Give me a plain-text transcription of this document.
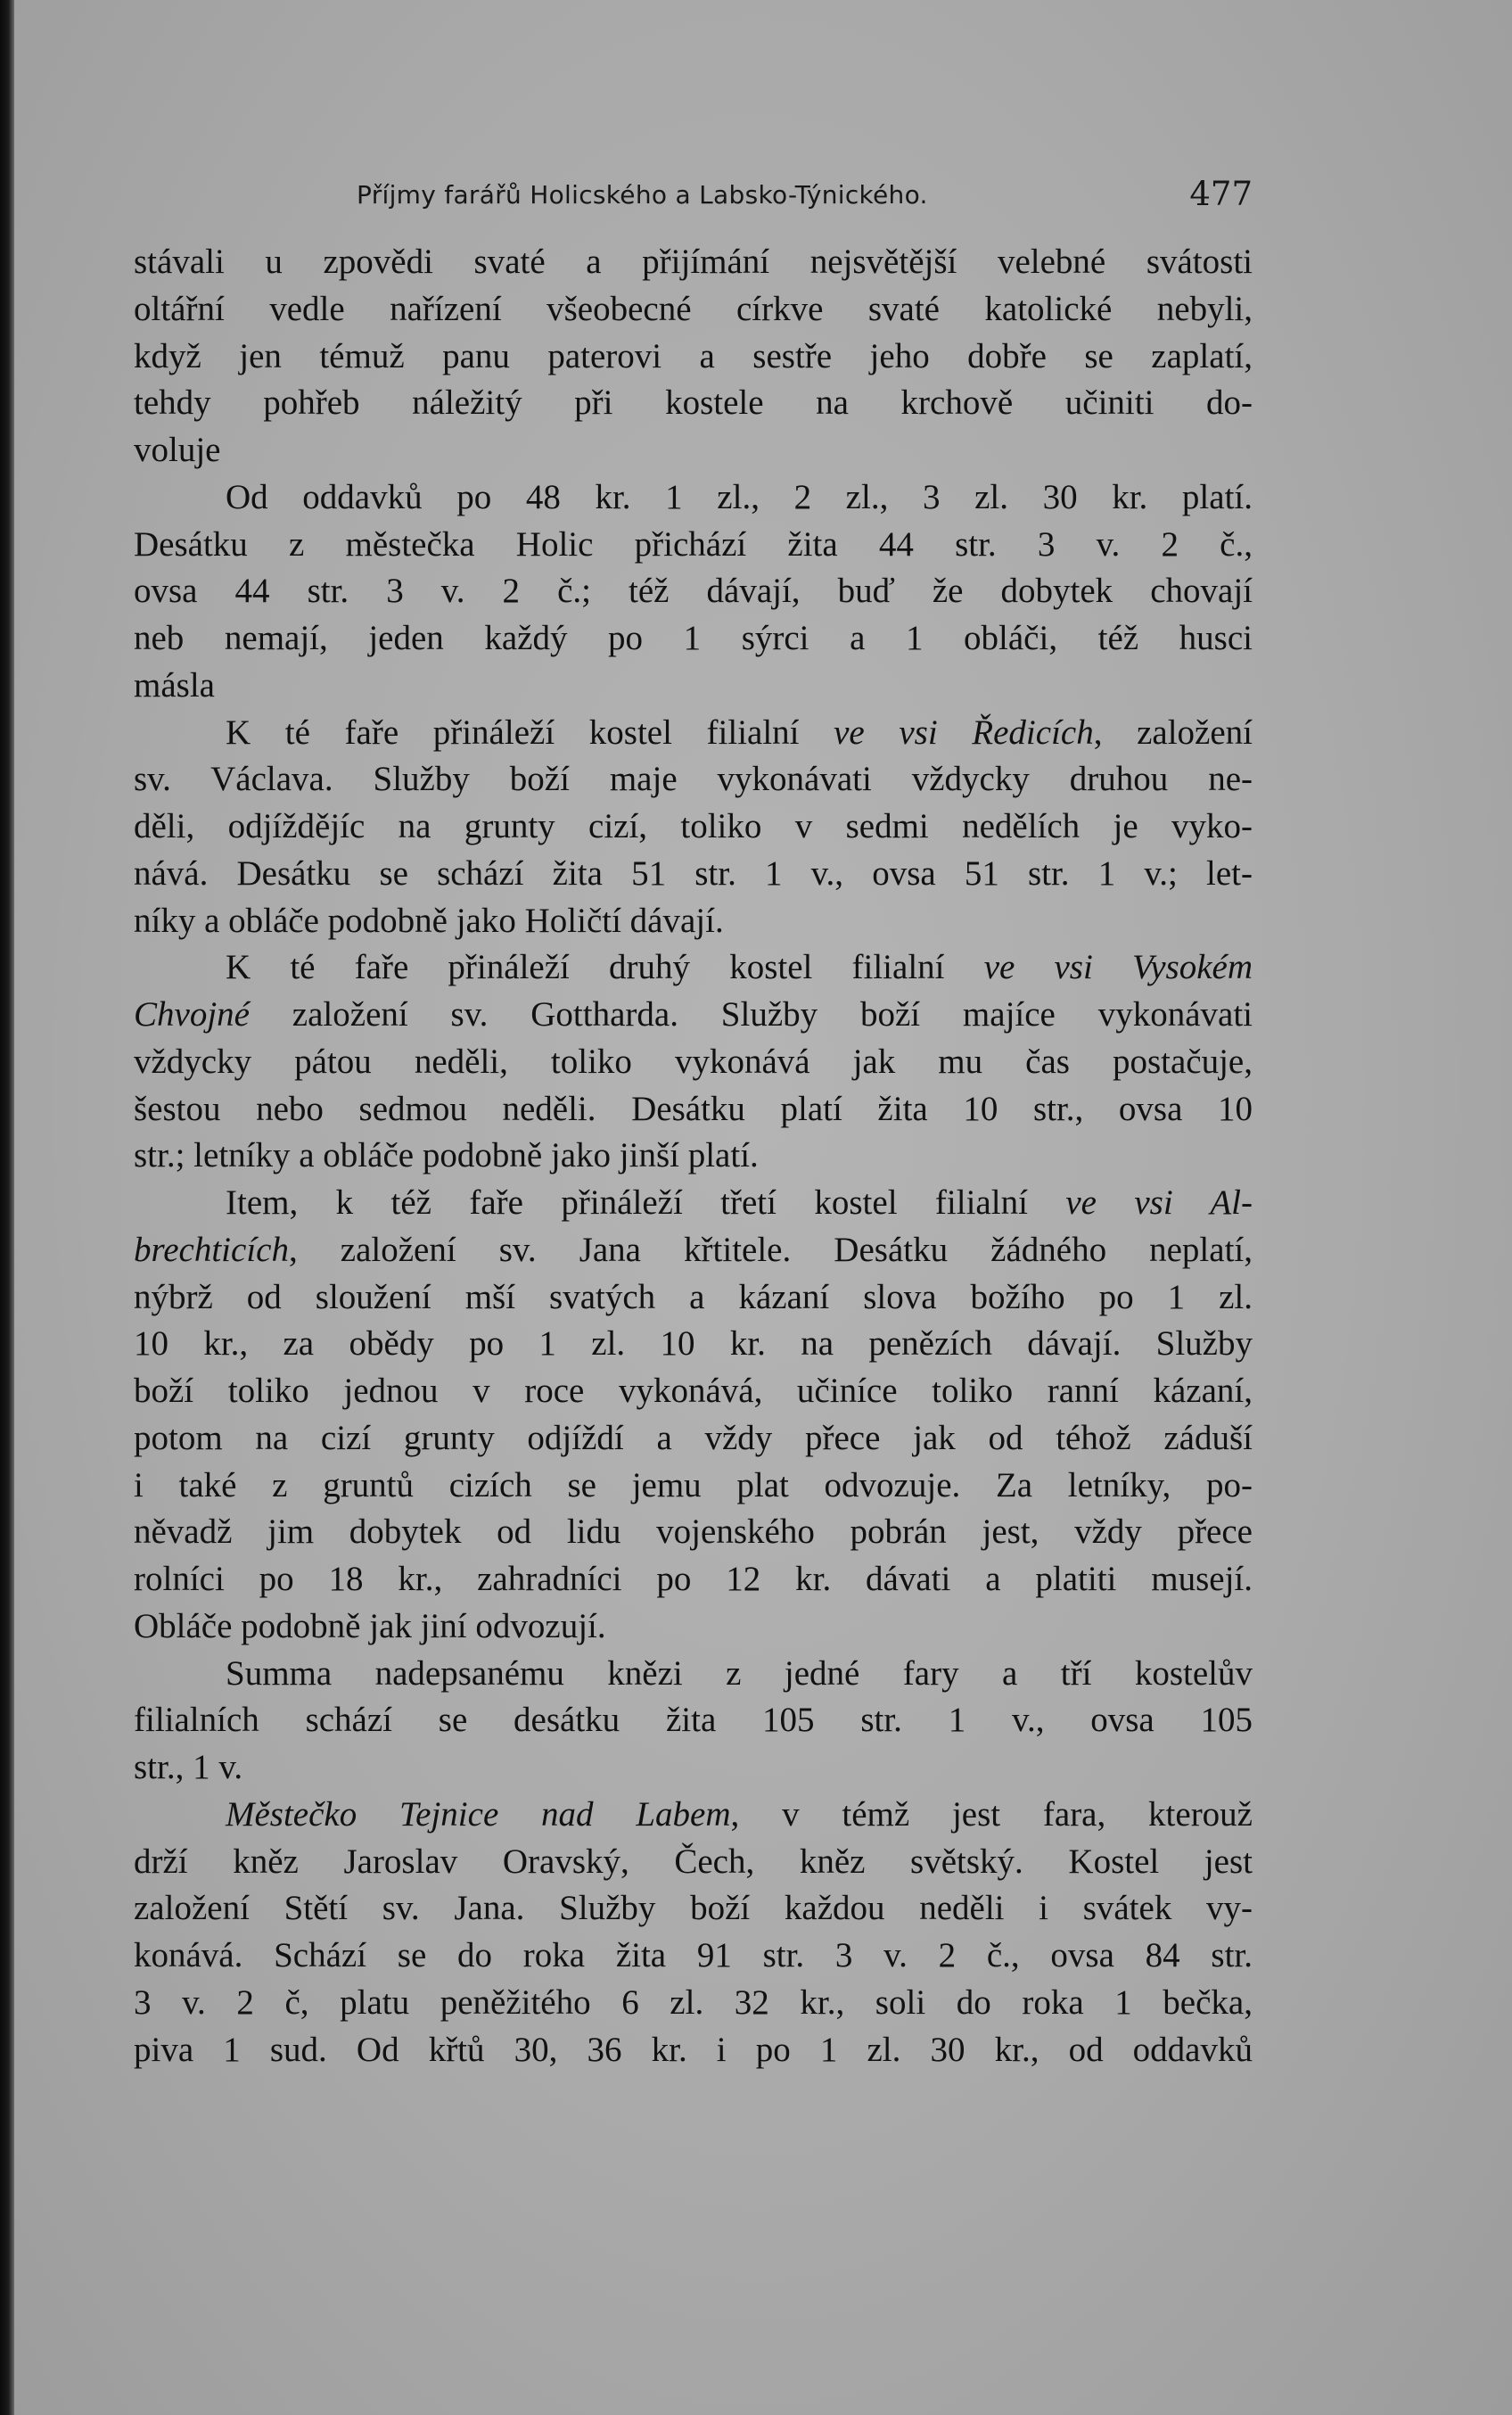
Příjmy farářů Holicského a Labsko-Týnického.	477
stávali u zpovědi svaté a přijímání nejsvětější velebné svátosti
oltářní vedle nařízení všeobecné církve svaté katolické nebyli,
když jen témuž panu paterovi a sestře jeho dobře se zaplatí,
tehdy pohřeb náležitý při kostele na krchově učiniti do-
voluje
Od oddavků po 48 kr. 1 zl., 2 zl., 3 zl. 30 kr. platí.
Desátku z městečka Holic přichází žita 44 str. 3 v. 2 č.,
ovsa 44 str. 3 v. 2 č.; též dávají, buď že dobytek chovají
neb nemají, jeden každý po 1 sýrci a 1 obláči, též husci
másla
K té faře přináleží kostel filialní ve vsi Ředicích, založení
sv. Václava. Služby boží maje vykonávati vždycky druhou ne-
děli, odjíždějíc na grunty cizí, toliko v sedmi nedělích je vyko-
nává. Desátku se schází žita 51 str. 1 v., ovsa 51 str. 1 v.; let-
níky a obláče podobně jako Holičtí dávají.
K té faře přináleží druhý kostel filialní ve vsi Vysokém
Chvojné založení sv. Gottharda. Služby boží majíce vykonávati
vždycky pátou neděli, toliko vykonává jak mu čas postačuje,
šestou nebo sedmou neděli. Desátku platí žita 10 str., ovsa 10
str.; letníky a obláče podobně jako jinší platí.
Item, k též faře přináleží třetí kostel filialní ve vsi Al-
brechticích, založení sv. Jana křtitele. Desátku žádného neplatí,
nýbrž od sloužení mší svatých a kázaní slova božího po 1 zl.
10 kr., za obědy po 1 zl. 10 kr. na penězích dávají. Služby
boží toliko jednou v roce vykonává, učiníce toliko ranní kázaní,
potom na cizí grunty odjíždí a vždy přece jak od téhož záduší
i také z gruntů cizích se jemu plat odvozuje. Za letníky, po-
něvadž jim dobytek od lidu vojenského pobrán jest, vždy přece
rolníci po 18 kr., zahradníci po 12 kr. dávati a platiti musejí.
Obláče podobně jak jiní odvozují.
Summa nadepsanému knězi z jedné fary a tří kostelův
filialních schází se desátku žita 105 str. 1 v., ovsa 105
str., 1 v.
Městečko Tejnice nad Labem, v témž jest fara, kterouž
drží kněz Jaroslav Oravský, Čech, kněz světský. Kostel jest
založení Stětí sv. Jana. Služby boží každou neděli i svátek vy-
konává. Schází se do roka žita 91 str. 3 v. 2 č., ovsa 84 str.
3 v. 2 č, platu peněžitého 6 zl. 32 kr., soli do roka 1 bečka,
piva 1 sud. Od křtů 30, 36 kr. i po 1 zl. 30 kr., od oddavků
